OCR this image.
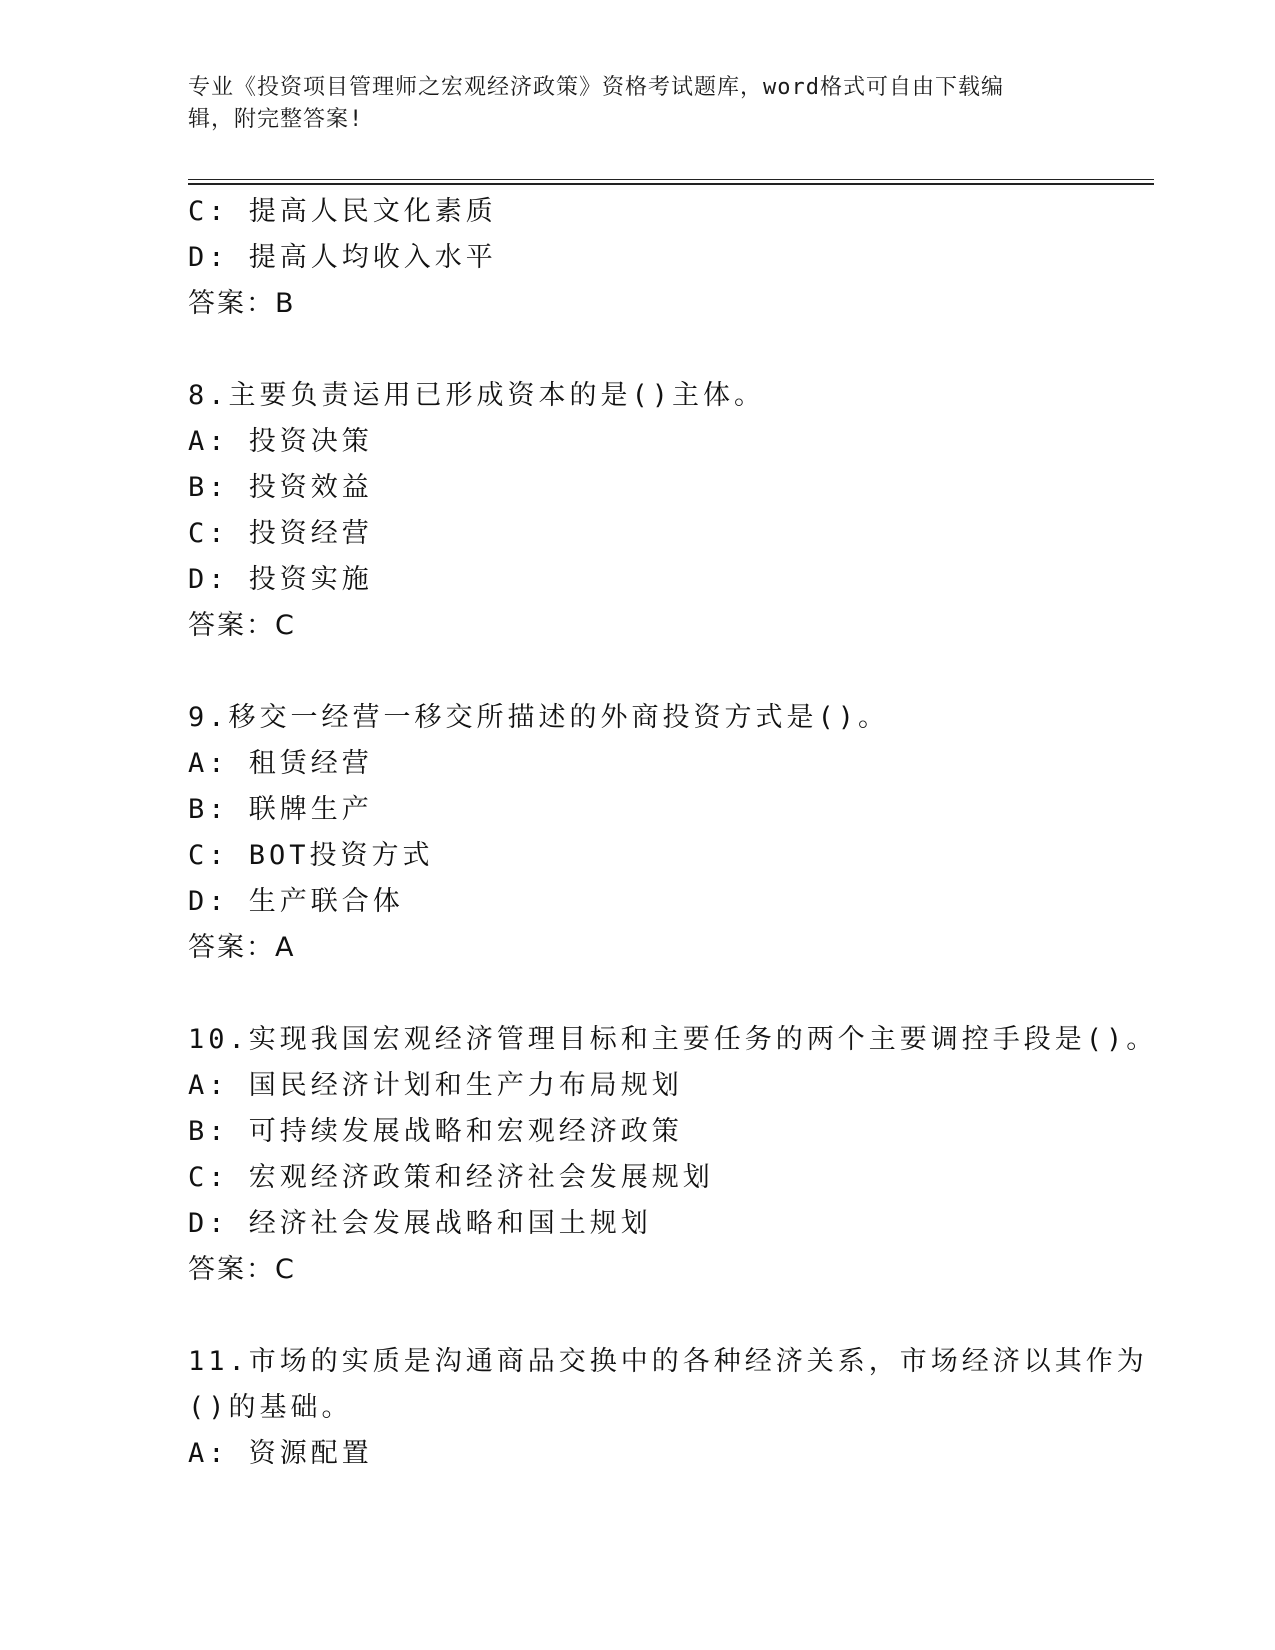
专业《投资项目管理师之宏观经济政策》资格考试题库，word格式可自由下载编
辑，附完整答案!

C: 提高人民文化素质

D: 提高人均收入水平

答案：B

8.主要负责运用已形成资本的是()主体。

A: 投资决策

B: 投资效益

C: 投资经营

D: 投资实施

答案：C

9.移交一经营一移交所描述的外商投资方式是()。

A: 租赁经营

B: 联牌生产

C: BOT投资方式

D: 生产联合体

答案：A

10.实现我国宏观经济管理目标和主要任务的两个主要调控手段是()。

A: 国民经济计划和生产力布局规划

B: 可持续发展战略和宏观经济政策

C: 宏观经济政策和经济社会发展规划

D: 经济社会发展战略和国土规划

答案：C

11.市场的实质是沟通商品交换中的各种经济关系，市场经济以其作为

()的基础。

A: 资源配置
